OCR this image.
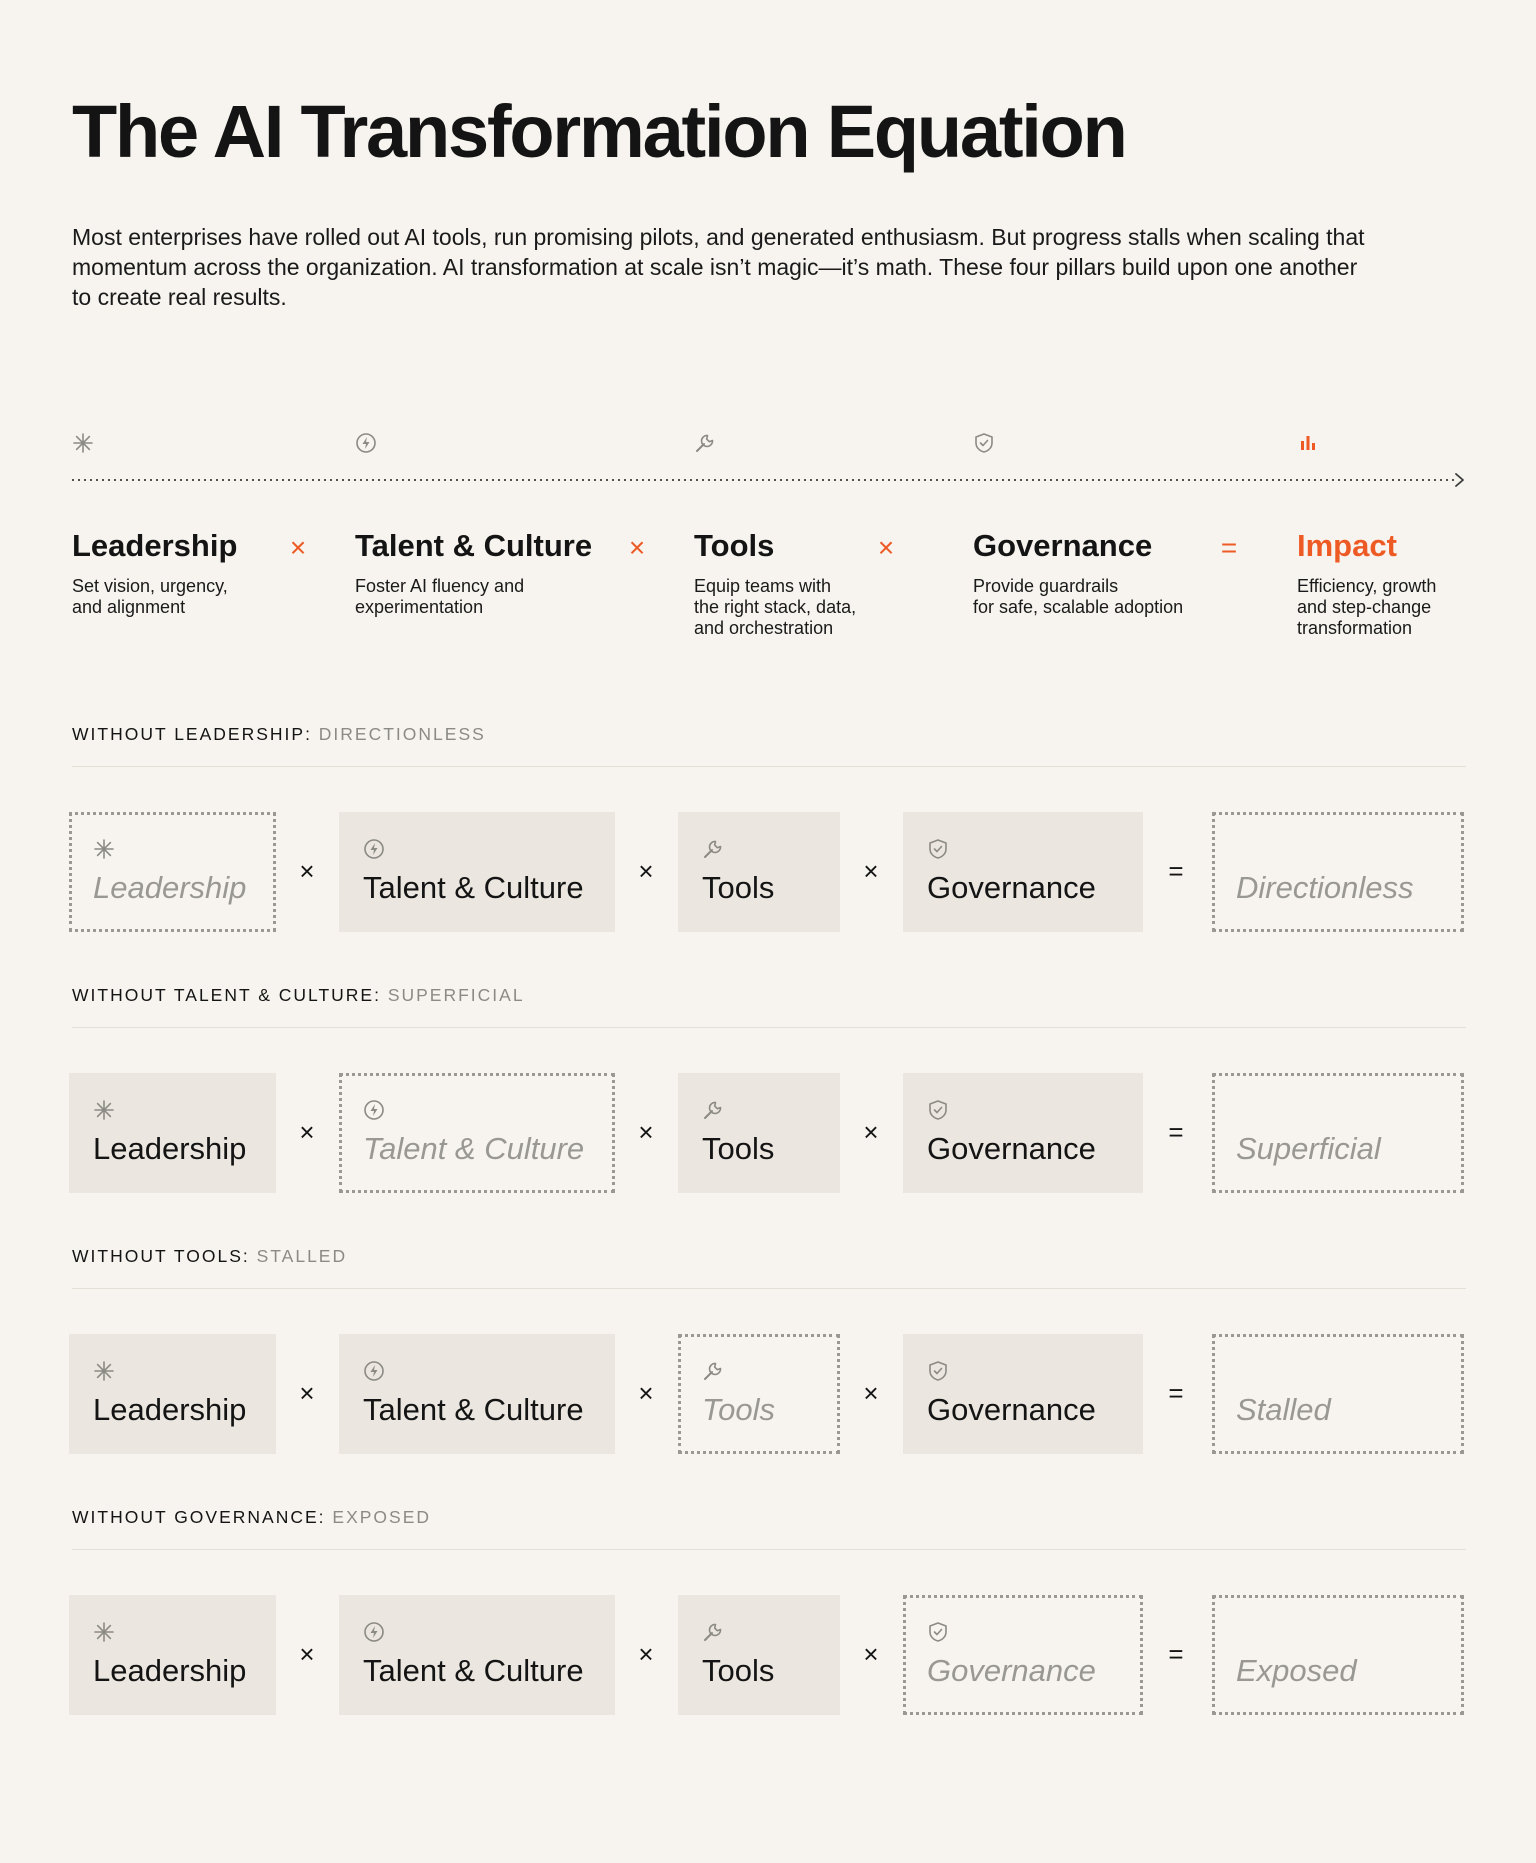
The AI Transformation Equation

Most enterprises have rolled out AI tools, run promising pilots, and generated enthusiasm. But progress stalls when scaling that momentum across the organization. AI transformation at scale isn’t magic—it’s math. These four pillars build upon one another to create real results.

Leadership
Set vision, urgency,
and alignment
× Talent & Culture
Foster AI fluency and
experimentation
× Tools
Equip teams with
the right stack, data,
and orchestration
×	Governance
Provide guardrails
for safe, scalable adoption
= Impact
Efficiency, growth
and step-change
transformation

WITHOUT LEADERSHIP: DIRECTIONLESS

Leadership × Talent & Culture × Tools	× Governance	= Directionless

WITHOUT TALENT & CULTURE: SUPERFICIAL

Leadership × Talent & Culture × Tools	× Governance	= Superficial

WITHOUT TOOLS: STALLED

Leadership × Talent & Culture × Tools	× Governance	= Stalled

WITHOUT GOVERNANCE: EXPOSED

Leadership × Talent & Culture × Tools	× Governance	= Exposed
